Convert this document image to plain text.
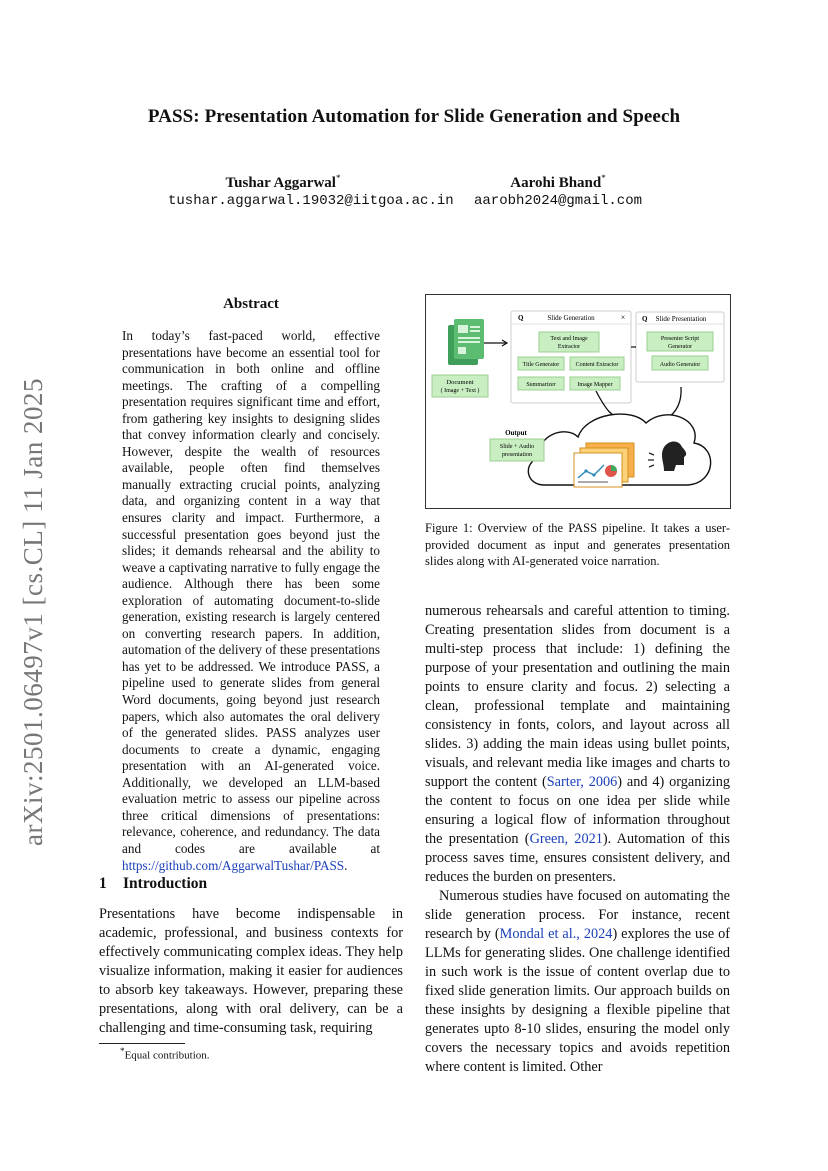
PASS: Presentation Automation for Slide Generation and Speech
Tushar Aggarwal*
tushar.aggarwal.19032@iitgoa.ac.in
Aarohi Bhand*
aarobh2024@gmail.com
arXiv:2501.06497v1 [cs.CL] 11 Jan 2025
Abstract
In today’s fast-paced world, effective presentations have become an essential tool for communication in both online and offline meetings. The crafting of a compelling presentation requires significant time and effort, from gathering key insights to designing slides that convey information clearly and concisely. However, despite the wealth of resources available, people often find themselves manually extracting crucial points, analyzing data, and organizing content in a way that ensures clarity and impact. Furthermore, a successful presentation goes beyond just the slides; it demands rehearsal and the ability to weave a captivating narrative to fully engage the audience. Although there has been some exploration of automating document-to-slide generation, existing research is largely centered on converting research papers. In addition, automation of the delivery of these presentations has yet to be addressed. We introduce PASS, a pipeline used to generate slides from general Word documents, going beyond just research papers, which also automates the oral delivery of the generated slides. PASS analyzes user documents to create a dynamic, engaging presentation with an AI-generated voice. Additionally, we developed an LLM-based evaluation metric to assess our pipeline across three critical dimensions of presentations: relevance, coherence, and redundancy. The data and codes are available at https://github.com/AggarwalTushar/PASS.
1 Introduction

Presentations have become indispensable in academic, professional, and business contexts for effectively communicating complex ideas. They help visualize information, making it easier for audiences to absorb key takeaways. However, preparing these presentations, along with oral delivery, can be a challenging and time-consuming task, requiring

*Equal contribution.
Document
( Image + Text )
Q	Slide Generation	×
Text and Image
Extractor
Title Generator	Content Extractor
Summarizer	Image Mapper
Q Slide Presentation
Presenter Script
Generator
Audio Generator
Output
Slide + Audio
presentation
Figure 1: Overview of the PASS pipeline. It takes a user-provided document as input and generates presentation slides along with AI-generated voice narration.

numerous rehearsals and careful attention to timing. Creating presentation slides from document is a multi-step process that include: 1) defining the purpose of your presentation and outlining the main points to ensure clarity and focus. 2) selecting a clean, professional template and maintaining consistency in fonts, colors, and layout across all slides. 3) adding the main ideas using bullet points, visuals, and relevant media like images and charts to support the content (Sarter, 2006) and 4) organizing the content to focus on one idea per slide while ensuring a logical flow of information throughout the presentation (Green, 2021). Automation of this process saves time, ensures consistent delivery, and reduces the burden on presenters.

Numerous studies have focused on automating the slide generation process. For instance, recent research by (Mondal et al., 2024) explores the use of LLMs for generating slides. One challenge identified in such work is the issue of content overlap due to fixed slide generation limits. Our approach builds on these insights by designing a flexible pipeline that generates upto 8-10 slides, ensuring the model only covers the necessary topics and avoids repetition where content is limited. Other
